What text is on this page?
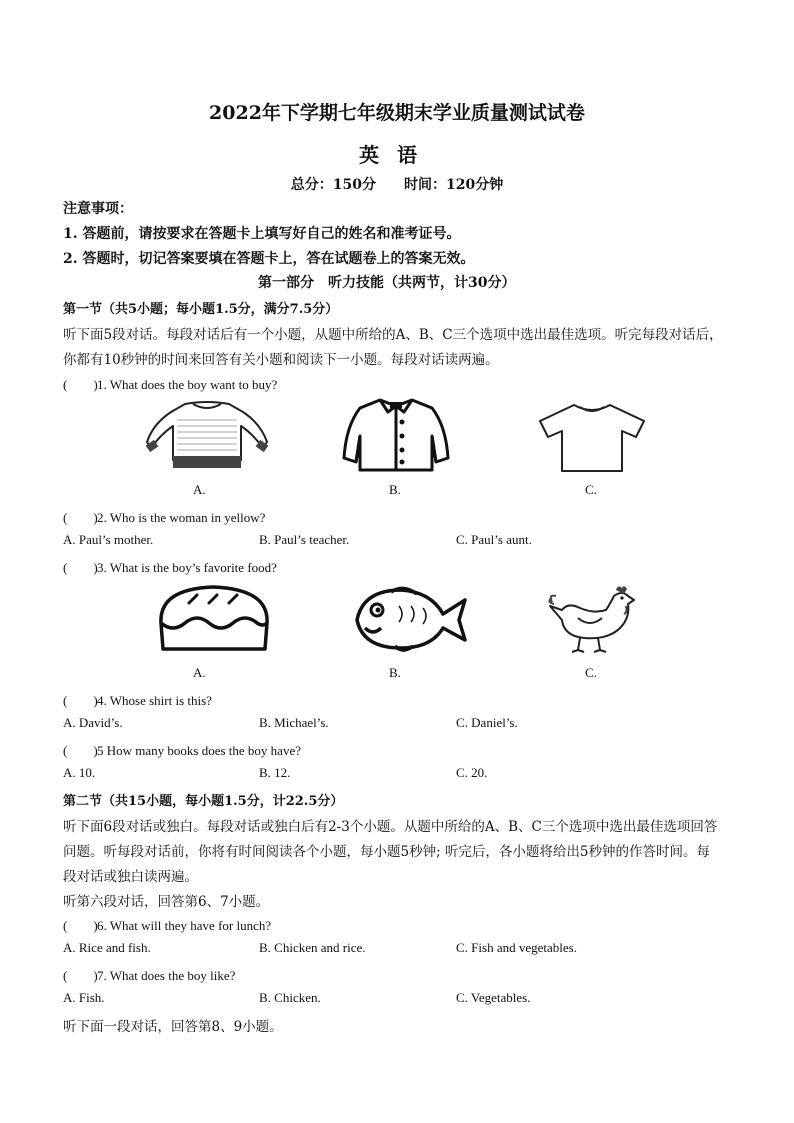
2022年下学期七年级期末学业质量测试试卷
英语
总分：150分　　时间：120分钟
注意事项：
1. 答题前，请按要求在答题卡上填写好自己的姓名和准考证号。
2. 答题时，切记答案要填在答题卡上，答在试题卷上的答案无效。
第一部分　听力技能（共两节，计30分）
第一节（共5小题；每小题1.5分，满分7.5分）
听下面5段对话。每段对话后有一个小题，从题中所给的A、B、C三个选项中选出最佳选项。听完每段对话后，
你都有10秒钟的时间来回答有关小题和阅读下一小题。每段对话读两遍。
(　　)1. What does the boy want to buy?
A.	B.	C.
(　　)2. Who is the woman in yellow?
A. Paul’s mother.	B. Paul’s teacher.	C. Paul’s aunt.
(　　)3. What is the boy’s favorite food?
A.	B.	C.
(　　)4. Whose shirt is this?
A. David’s.	B. Michael’s.	C. Daniel’s.
(　　)5 How many books does the boy have?
A. 10.	B. 12.	C. 20.
第二节（共15小题，每小题1.5分，计22.5分）
听下面6段对话或独白。每段对话或独白后有2-3个小题。从题中所给的A、B、C三个选项中选出最佳选项回答
问题。听每段对话前，你将有时间阅读各个小题，每小题5秒钟; 听完后，各小题将给出5秒钟的作答时间。每
段对话或独白读两遍。
听第六段对话，回答第6、7小题。
(　　)6. What will they have for lunch?
A. Rice and fish.	B. Chicken and rice.	C. Fish and vegetables.
(　　)7. What does the boy like?
A. Fish.	B. Chicken.	C. Vegetables.
听下面一段对话，回答第8、9小题。
